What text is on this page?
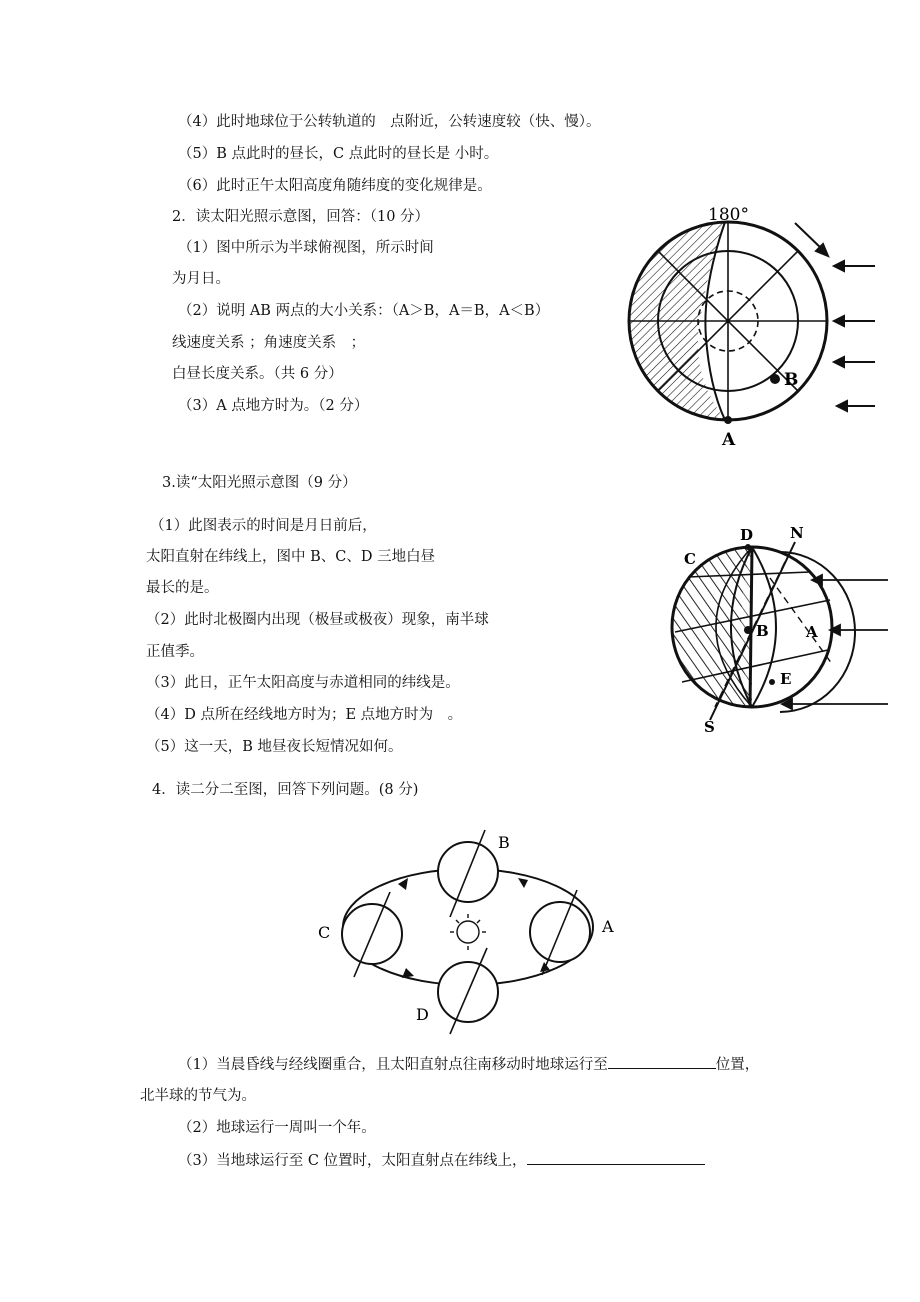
（4）此时地球位于公转轨道的　点附近，公转速度较（快、慢）。
（5）B 点此时的昼长，C 点此时的昼长是 小时。
（6）此时正午太阳高度角随纬度的变化规律是。
2．读太阳光照示意图，回答：（10 分）
（1）图中所示为半球俯视图，所示时间
为月日。
（2）说明 AB 两点的大小关系：（A＞B，A＝B，A＜B）
线速度关系 ；角速度关系　；
白昼长度关系。（共 6 分）
（3）A 点地方时为。（2 分）
180°
A
B
3.读“太阳光照示意图（9 分）
（1）此图表示的时间是月日前后，
太阳直射在纬线上，图中 B、C、D 三地白昼
最长的是。
（2）此时北极圈内出现（极昼或极夜）现象，南半球
正值季。
（3）此日，正午太阳高度与赤道相同的纬线是。
（4）D 点所在经线地方时为；E 点地方时为　。
（5）这一天，B 地昼夜长短情况如何。
D N
C
B A
E
S
4．读二分二至图，回答下列问题。(8 分)
B
A
C
D
（1）当晨昏线与经线圈重合，且太阳直射点往南移动时地球运行至	位置，
北半球的节气为。
（2）地球运行一周叫一个年。
（3）当地球运行至 C 位置时，太阳直射点在纬线上，
